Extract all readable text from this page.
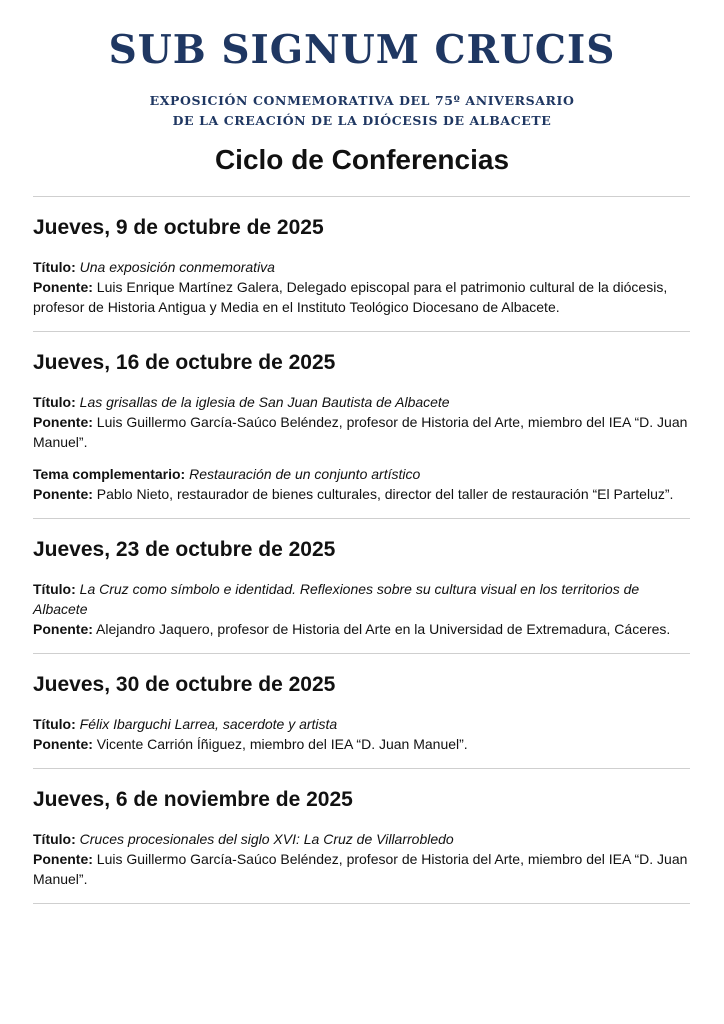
SUB SIGNUM CRUCIS
EXPOSICIÓN CONMEMORATIVA DEL 75º ANIVERSARIO
DE LA CREACIÓN DE LA DIÓCESIS DE ALBACETE
Ciclo de Conferencias
Jueves, 9 de octubre de 2025
Título: Una exposición conmemorativa
Ponente: Luis Enrique Martínez Galera, Delegado episcopal para el patrimonio cultural de la diócesis, profesor de Historia Antigua y Media en el Instituto Teológico Diocesano de Albacete.
Jueves, 16 de octubre de 2025
Título: Las grisallas de la iglesia de San Juan Bautista de Albacete
Ponente: Luis Guillermo García-Saúco Beléndez, profesor de Historia del Arte, miembro del IEA “D. Juan Manuel”.
Tema complementario: Restauración de un conjunto artístico
Ponente: Pablo Nieto, restaurador de bienes culturales, director del taller de restauración “El Parteluz”.
Jueves, 23 de octubre de 2025
Título: La Cruz como símbolo e identidad. Reflexiones sobre su cultura visual en los territorios de Albacete
Ponente: Alejandro Jaquero, profesor de Historia del Arte en la Universidad de Extremadura, Cáceres.
Jueves, 30 de octubre de 2025
Título: Félix Ibarguchi Larrea, sacerdote y artista
Ponente: Vicente Carrión Íñiguez, miembro del IEA “D. Juan Manuel”.
Jueves, 6 de noviembre de 2025
Título: Cruces procesionales del siglo XVI: La Cruz de Villarrobledo
Ponente: Luis Guillermo García-Saúco Beléndez, profesor de Historia del Arte, miembro del IEA “D. Juan Manuel”.
